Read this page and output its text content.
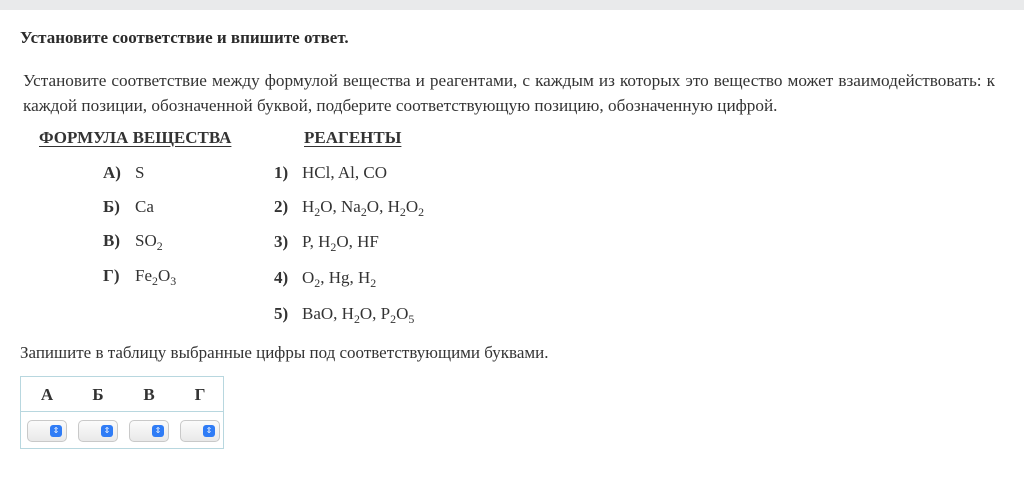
Установите соответствие и впишите ответ.
Установите соответствие между формулой вещества и реагентами, с каждым из которых это вещество может взаимодействовать: к каждой позиции, обозначенной буквой, подберите соответствующую позицию, обозначенную цифрой.
ФОРМУЛА ВЕЩЕСТВА	РЕАГЕНТЫ
А) S
Б) Ca
В) $SO_2$
Г) $Fe_2O_3$
1) HCl, Al, CO
2) $H_2O$, $Na_2O$, $H_2O_2$
3) P, $H_2O$, HF
4) $O_2$, Hg, $H_2$
5) BaO, $H_2O$, $P_2O_5$
Запишите в таблицу выбранные цифры под соответствующими буквами.
А	Б	В	Г
⇕	⇕	⇕	⇕
